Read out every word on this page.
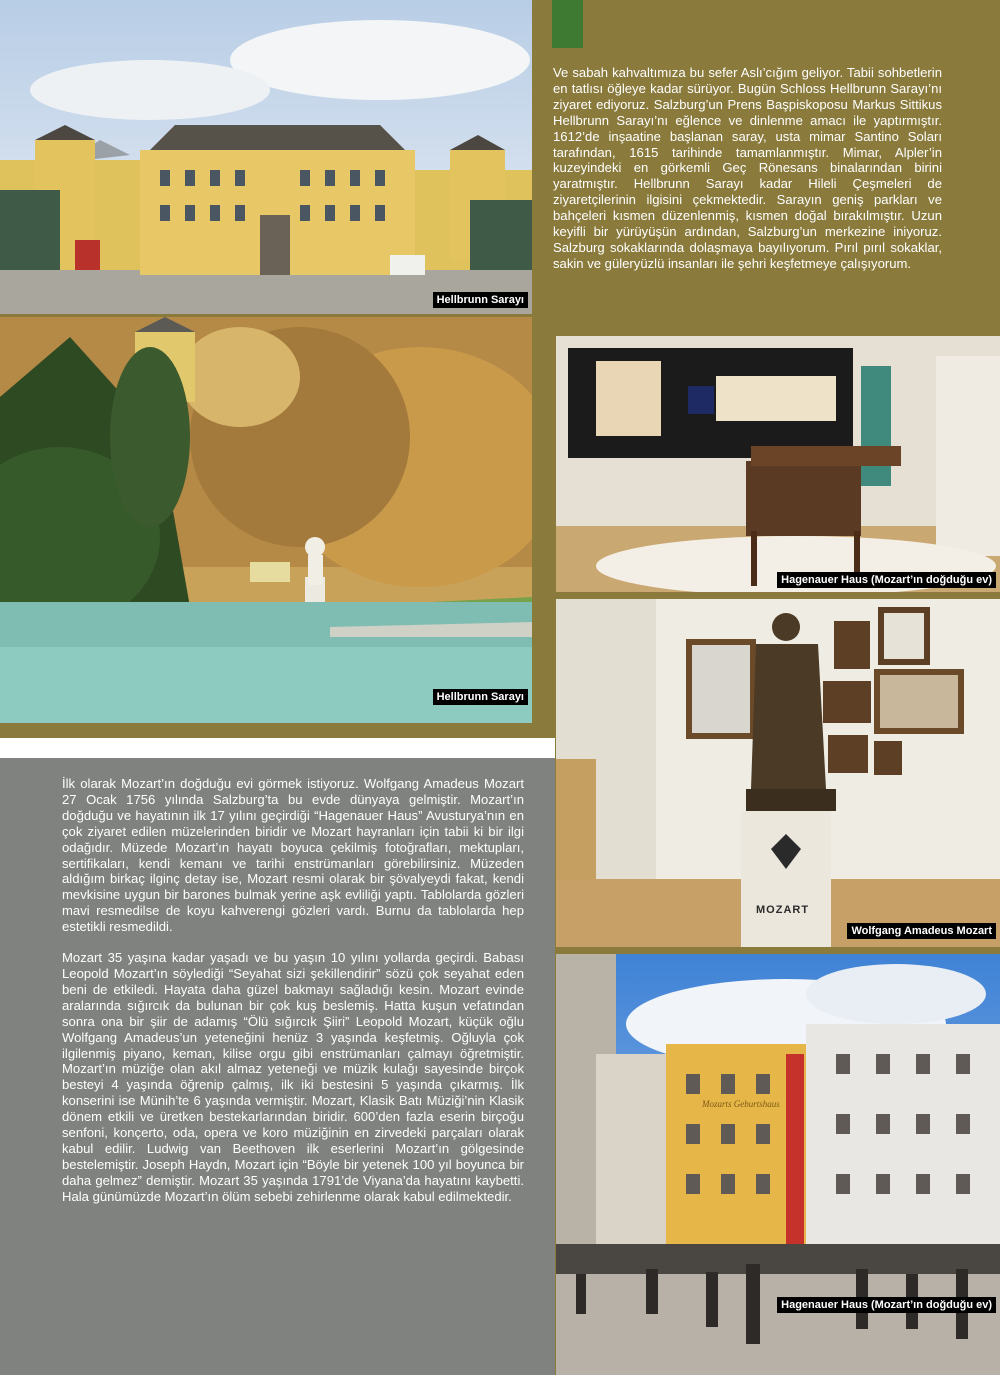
Hellbrunn Sarayı
Hellbrunn Sarayı

Ve sabah kahvaltımıza bu sefer Aslı’cığım geliyor. Tabii sohbetlerin en tatlısı öğleye kadar sürüyor. Bugün Schloss Hellbrunn Sarayı’nı ziyaret ediyoruz. Salzburg’un Prens Başpiskoposu Markus Sittikus Hellbrunn Sarayı’nı eğlence ve dinlenme amacı ile yaptırmıştır. 1612’de inşaatine başlanan saray, usta mimar Santino Soları tarafından, 1615 tarihinde tamamlanmıştır. Mimar, Alpler’in kuzeyindeki en görkemli Geç Rönesans binalarından birini yaratmıştır. Hellbrunn Sarayı kadar Hileli Çeşmeleri de ziyaretçilerinin ilgisini çekmektedir. Sarayın geniş parkları ve bahçeleri kısmen düzenlenmiş, kısmen doğal bırakılmıştır. Uzun keyifli bir yürüyüşün ardından, Salzburg’un merkezine iniyoruz. Salzburg sokaklarında dolaşmaya bayılıyorum. Pırıl pırıl sokaklar, sakin ve güleryüzlü insanları ile şehri keşfetmeye çalışıyorum.

Hagenauer Haus (Mozart’ın doğduğu ev)
MOZART
Wolfgang Amadeus Mozart
Mozarts Geburtshaus
Hagenauer Haus (Mozart’ın doğduğu ev)

İlk olarak Mozart’ın doğduğu evi görmek istiyoruz. Wolfgang Amadeus Mozart 27 Ocak 1756 yılında Salzburg’ta bu evde dünyaya gelmiştir. Mozart’ın doğduğu ve hayatının ilk 17 yılını geçirdiği “Hagenauer Haus” Avusturya’nın en çok ziyaret edilen müzelerinden biridir ve Mozart hayranları için tabii ki bir ilgi odağıdır. Müzede Mozart’ın hayatı boyuca çekilmiş fotoğrafları, mektupları, sertifikaları, kendi kemanı ve tarihi enstrümanları görebilirsiniz. Müzeden aldığım birkaç ilginç detay ise, Mozart resmi olarak bir şövalyeydi fakat, kendi mevkisine uygun bir barones bulmak yerine aşk evliliği yaptı. Tablolarda gözleri mavi resmedilse de koyu kahverengi gözleri vardı. Burnu da tablolarda hep estetikli resmedildi.

Mozart 35 yaşına kadar yaşadı ve bu yaşın 10 yılını yollarda geçirdi. Babası Leopold Mozart’ın söylediği “Seyahat sizi şekillendirir” sözü çok seyahat eden beni de etkiledi. Hayata daha güzel bakmayı sağladığı kesin. Mozart evinde aralarında sığırcık da bulunan bir çok kuş beslemiş. Hatta kuşun vefatından sonra ona bir şiir de adamış “Ölü sığırcık Şiiri” Leopold Mozart, küçük oğlu Wolfgang Amadeus’un yeteneğini henüz 3 yaşında keşfetmiş. Oğluyla çok ilgilenmiş piyano, keman, kilise orgu gibi enstrümanları çalmayı öğretmiştir. Mozart’ın müziğe olan akıl almaz yeteneği ve müzik kulağı sayesinde birçok besteyi 4 yaşında öğrenip çalmış, ilk iki bestesini 5 yaşında çıkarmış. İlk konserini ise Münih’te 6 yaşında vermiştir. Mozart, Klasik Batı Müziği’nin Klasik dönem etkili ve üretken bestekarlarından biridir. 600’den fazla eserin birçoğu senfoni, konçerto, oda, opera ve koro müziğinin en zirvedeki parçaları olarak kabul edilir. Ludwig van Beethoven ilk eserlerini Mozart’ın gölgesinde bestelemiştir. Joseph Haydn, Mozart için “Böyle bir yetenek 100 yıl boyunca bir daha gelmez” demiştir. Mozart 35 yaşında 1791’de Viyana’da hayatını kaybetti. Hala günümüzde Mozart’ın ölüm sebebi zehirlenme olarak kabul edilmektedir.
